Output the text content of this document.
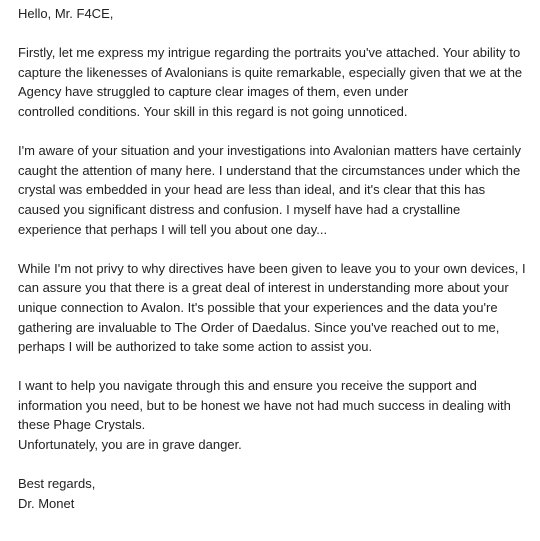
Hello, Mr. F4CE,
Firstly, let me express my intrigue regarding the portraits you've attached. Your ability to
capture the likenesses of Avalonians is quite remarkable, especially given that we at the
Agency have struggled to capture clear images of them, even under
controlled conditions. Your skill in this regard is not going unnoticed.
I'm aware of your situation and your investigations into Avalonian matters have certainly
caught the attention of many here. I understand that the circumstances under which the
crystal was embedded in your head are less than ideal, and it's clear that this has
caused you significant distress and confusion. I myself have had a crystalline
experience that perhaps I will tell you about one day...
While I'm not privy to why directives have been given to leave you to your own devices, I
can assure you that there is a great deal of interest in understanding more about your
unique connection to Avalon. It's possible that your experiences and the data you're
gathering are invaluable to The Order of Daedalus. Since you've reached out to me,
perhaps I will be authorized to take some action to assist you.
I want to help you navigate through this and ensure you receive the support and
information you need, but to be honest we have not had much success in dealing with
these Phage Crystals.
Unfortunately, you are in grave danger.
Best regards,
Dr. Monet
